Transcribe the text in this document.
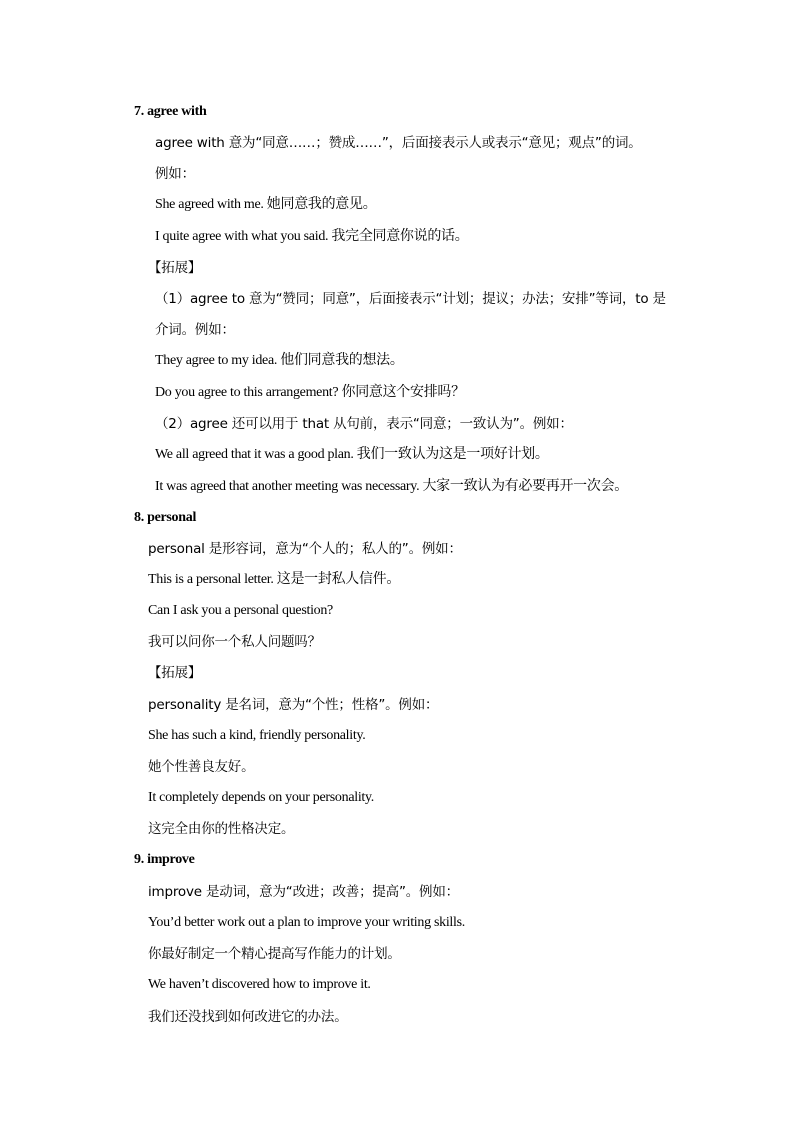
7. agree with
agree with 意为“同意……；赞成……”，后面接表示人或表示“意见；观点”的词。
例如：
She agreed with me. 她同意我的意见。
I quite agree with what you said. 我完全同意你说的话。
【拓展】
（1）agree to 意为“赞同；同意”，后面接表示“计划；提议；办法；安排”等词，to 是
介词。例如：
They agree to my idea. 他们同意我的想法。
Do you agree to this arrangement? 你同意这个安排吗？
（2）agree 还可以用于 that 从句前，表示“同意；一致认为”。例如：
We all agreed that it was a good plan. 我们一致认为这是一项好计划。
It was agreed that another meeting was necessary. 大家一致认为有必要再开一次会。
8. personal
personal 是形容词，意为“个人的；私人的”。例如：
This is a personal letter. 这是一封私人信件。
Can I ask you a personal question?
我可以问你一个私人问题吗？
【拓展】
personality 是名词，意为“个性；性格”。例如：
She has such a kind, friendly personality.
她个性善良友好。
It completely depends on your personality.
这完全由你的性格决定。
9. improve
improve 是动词，意为“改进；改善；提高”。例如：
You’d better work out a plan to improve your writing skills.
你最好制定一个精心提高写作能力的计划。
We haven’t discovered how to improve it.
我们还没找到如何改进它的办法。
